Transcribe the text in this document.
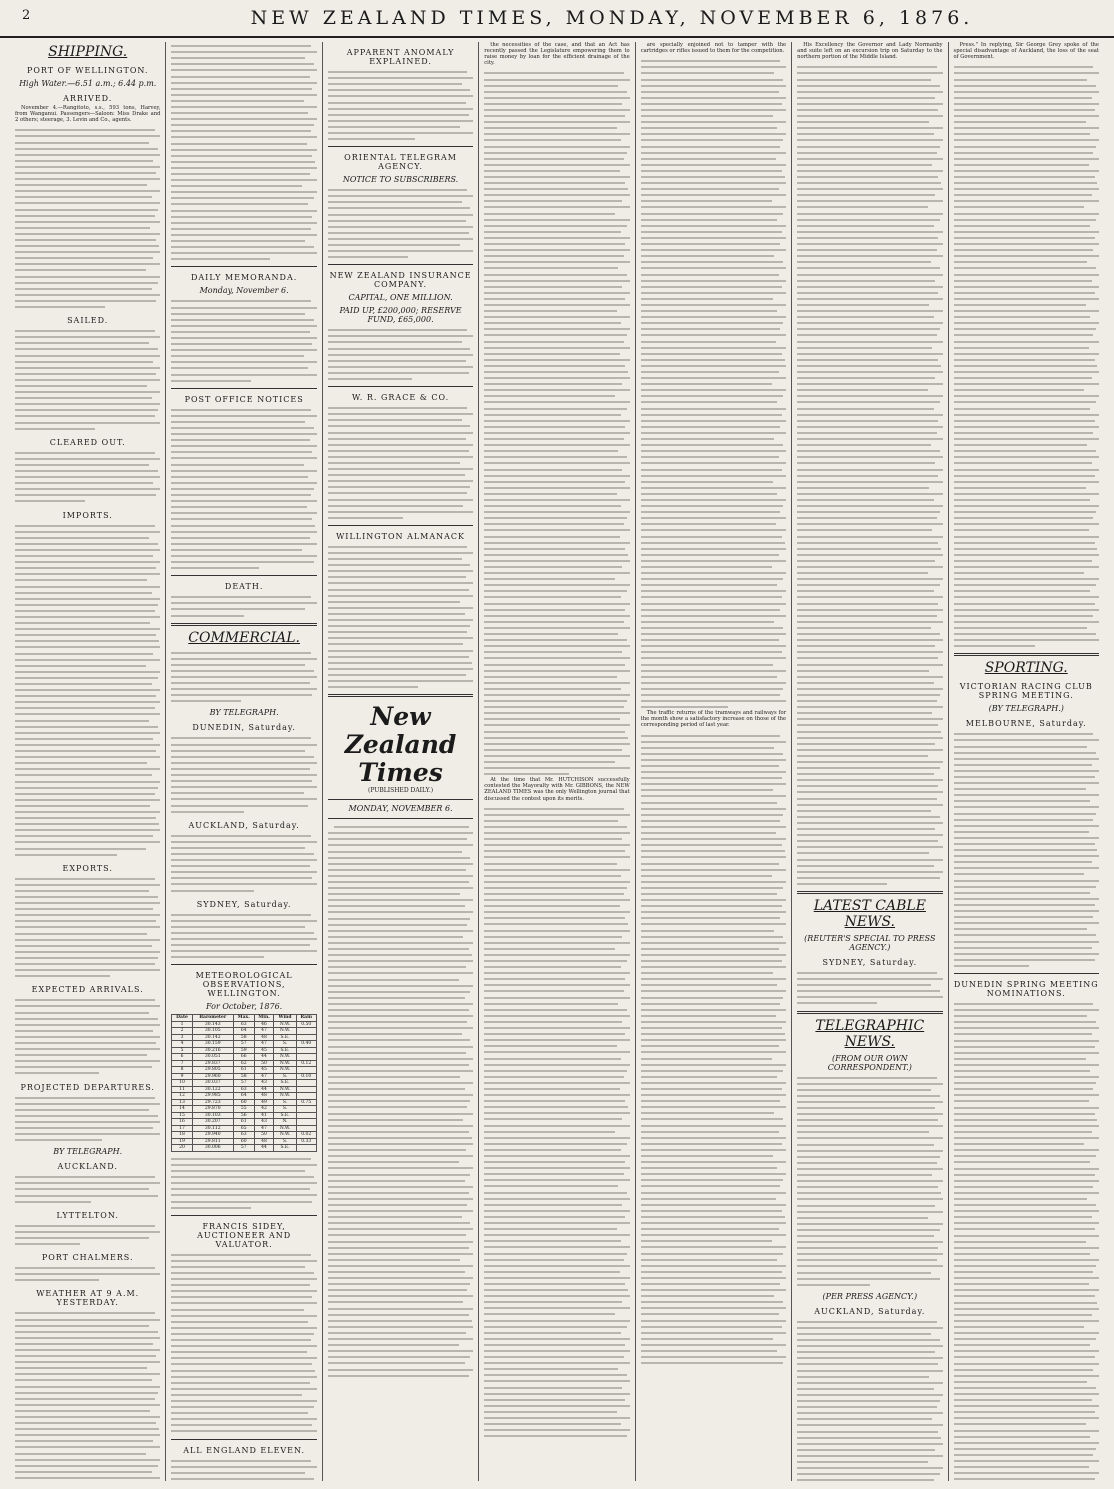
2	NEW ZEALAND TIMES, MONDAY, NOVEMBER 6, 1876.
SHIPPING.
PORT OF WELLINGTON.
High Water.—6.51 a.m.; 6.44 p.m.
ARRIVED.

November 4.—Rangitoto, s.s., 593 tons, Harvey, from Wanganui. Passengers—Saloon: Miss Drake and 2 others; steerage, 3. Levin and Co., agents.

SAILED.
CLEARED OUT.
IMPORTS.
EXPORTS.
EXPECTED ARRIVALS.
PROJECTED DEPARTURES.
BY TELEGRAPH.
AUCKLAND.
LYTTELTON.
PORT CHALMERS.
WEATHER AT 9 A.M. YESTERDAY.
DAILY MEMORANDA.
Monday, November 6.
POST OFFICE NOTICES
DEATH.
COMMERCIAL.
BY TELEGRAPH.
DUNEDIN, Saturday.
AUCKLAND, Saturday.
SYDNEY, Saturday.
METEOROLOGICAL OBSERVATIONS, WELLINGTON.
For October, 1876.
Date	Barometer	Max.	Min.	Wind	Rain
1	30.143	63	46	N.W.	0.50
2	30.105	64	47	N.W.	
3	30.142	58	48	S.E.	
4	30.159	57	47	S.	0.40
5	30.216	59	45	S.E.	
6	30.051	66	44	N.W.	
7	29.837	62	50	N.W.	0.12
8	29.805	61	45	N.W.	
9	29.960	58	47	S.	0.10
10	30.037	57	43	S.E.	
11	30.122	63	44	N.W.	
12	29.985	64	48	N.W.	
13	29.723	60	49	S.	0.75
14	29.870	55	42	S.	
15	30.103	56	41	S.E.	
16	30.207	61	43	N.	
17	30.112	65	47	N.W.	
18	29.940	63	50	N.W.	0.02
19	29.811	60	48	S.	0.33
20	30.006	57	44	S.E.	
FRANCIS SIDEY, AUCTIONEER AND VALUATOR.
ALL ENGLAND ELEVEN.
APPARENT ANOMALY EXPLAINED.
ORIENTAL TELEGRAM AGENCY.
NOTICE TO SUBSCRIBERS.
NEW ZEALAND INSURANCE COMPANY.
CAPITAL, ONE MILLION.
PAID UP, £200,000; RESERVE FUND, £65,000.
W. R. GRACE & CO.
WILLINGTON ALMANACK
New Zealand Times
(PUBLISHED DAILY.)
MONDAY, NOVEMBER 6.

the necessities of the case, and that an Act has recently passed the Legislature empowering them to raise money by loan for the efficient drainage of the city.

At the time that Mr. HUTCHISON successfully contested the Mayoralty with Mr. GIBBONS, the NEW ZEALAND TIMES was the only Wellington journal that discussed the contest upon its merits.

are specially enjoined not to tamper with the cartridges or rifles issued to them for the competition.

The traffic returns of the tramways and railways for the month show a satisfactory increase on those of the corresponding period of last year.

His Excellency the Governor and Lady Normanby and suite left on an excursion trip on Saturday to the northern portion of the Middle Island.

LATEST CABLE NEWS.
(REUTER'S SPECIAL TO PRESS AGENCY.)
SYDNEY, Saturday.
TELEGRAPHIC NEWS.
(FROM OUR OWN CORRESPONDENT.)
(PER PRESS AGENCY.)
AUCKLAND, Saturday.

Press." In replying, Sir George Grey spoke of the special disadvantage of Auckland, the loss of the seat of Government.

SPORTING.
VICTORIAN RACING CLUB SPRING MEETING.
(BY TELEGRAPH.)
MELBOURNE, Saturday.
DUNEDIN SPRING MEETING NOMINATIONS.
